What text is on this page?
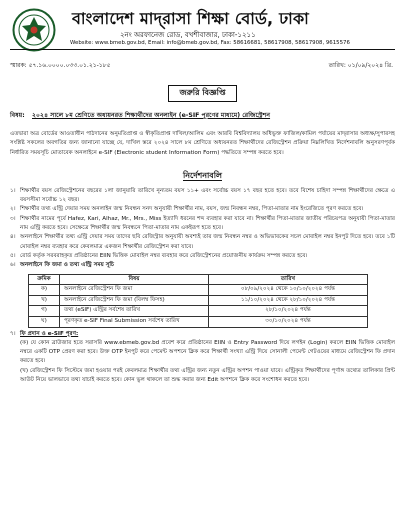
বাংলাদেশ মাদ্‌রাসা শিক্ষা বোর্ড, ঢাকা
২নং অরফানেজ রোড, বখশীবাজার, ঢাকা-১২১১
Website: www.bmeb.gov.bd, Email: info@bmeb.gov.bd, Fax: 58616681, 58617908, 58617908, 9615576
স্মারক: ৫৭.১৬.০০০০.০৩৩.০১.২১-১৮৫	তারিখ: ০১/০৯/২০২৪ খ্রি.
জরুরি বিজ্ঞপ্তি
বিষয়:	২০২৪ সালে ৮ম শ্রেণিতে অধ্যয়নরত শিক্ষার্থীদের অনলাইন (e-SIF পূরণের মাধ্যমে) রেজিস্ট্রেশন
এতদ্বারা অত্র বোর্ডের আওতাধীন পাঠদানের অনুমতিপ্রাপ্ত ও স্বীকৃতিপ্রাপ্ত দাখিল/আলিম এবং আরবি বিশ্ববিদ্যালয় অধিভুক্ত ফাজিল/কামিল পর্যায়ের মাদ্‌রাসার অধ্যক্ষ/সুপারসহ সংশ্লিষ্ট সকলের অবগতির জন্য জানানো যাচ্ছে যে, দাখিল স্তরে ২০২৪ সালে ৮ম শ্রেণিতে অধ্যয়নরত শিক্ষার্থীদের রেজিস্ট্রেশন প্রক্রিয়া নিম্নলিখিত নির্দেশনাবলি অনুসরণপূর্বক নির্ধারিত সময়সূচি মোতাবেক অনলাইনে e-SIF (Electronic student Information Form) পদ্ধতিতে সম্পন্ন করতে হবে।
নির্দেশনাবলি
১। শিক্ষার্থীর বয়স রেজিস্ট্রেশনের বছরের ১লা জানুয়ারি তারিখে নূন্যতম বয়স ১১+ এবং সর্বোচ্চ বয়স ১৭ বছর হতে হবে। তবে বিশেষ চাহিদা সম্পন্ন শিক্ষার্থীদের ক্ষেত্রে এ বয়সসীমা সর্বোচ্চ ১২ বছর।
২। শিক্ষার্থীর তথ্য এন্ট্রি দেয়ার সময় অনলাইন জন্ম নিবন্ধন সনদ অনুযায়ী শিক্ষার্থীর নাম, বয়স, জন্ম নিবন্ধন নম্বর, পিতা-মাতার নাম ইংরেজিতে পূরণ করতে হবে।
৩। শিক্ষার্থীর নামের পূর্বে Hafez, Kari, Alhaz, Mr., Mrs., Miss ইত্যাদি ধরনের শব্দ ব্যবহার করা যাবে না। শিক্ষার্থীর পিতা-মাতার জাতীয় পরিচয়পত্র অনুযায়ী পিতা-মাতার নাম এন্ট্রি করতে হবে। সেক্ষেত্রে শিক্ষার্থীর জন্ম নিবন্ধনে পিতা-মাতার নাম একইরূপ হতে হবে।
৪। অনলাইনে শিক্ষার্থীর তথ্য এন্ট্রি দেয়ার সময় তাদের ছবি রেজিস্ট্রার অনুযায়ী অবশ্যই তার জন্ম নিবন্ধন নম্বর ও অভিভাবকের সচল মোবাইল নম্বর ইনপুট দিতে হবে। তবে ১টি মোবাইল নম্বর ব্যবহার করে কেবলমাত্র একজন শিক্ষার্থীর রেজিস্ট্রেশন করা যাবে।
৫। রোর্ড কর্তৃক সরবরাহকৃত প্রতিষ্ঠানের EIIN ভিত্তিক মোবাইল নম্বর ব্যবহার করে রেজিস্ট্রেশনের প্রয়োজনীয় কার্যক্রম সম্পন্ন করতে হবে।
৬। অনলাইনে ফি জমা ও তথ্য এন্ট্রি সময় সূচি
ক্রমিক	বিষয়	তারিখ
ক)	অনলাইনে রেজিস্ট্রেশন ফি জমা	০৮/০৯/২০২৪ থেকে ১০/১০/২০২৪ পর্যন্ত
খ)	অনলাইনে রেজিস্ট্রেশন ফি জমা (বিলম্ব ফিসহ)	১১/১০/২০২৪ থেকে ২৮/১০/২০২৪ পর্যন্ত
গ)	তথ্য (eSIF) এন্ট্রির সর্বশেষ তারিখ	২৮/১০/২০২৪ পর্যন্ত
ঘ)	পূরণকৃত e-SIF Final Submission সর্বশেষ তারিখ	৩০/১০/২০২৪ পর্যন্ত
৭। ফি প্রদান ও e-SIF পূরণ:
(ক) যে কোন ব্রাউজার হতে সরাসরি www.ebmeb.gov.bd প্রবেশ করে প্রতিষ্ঠানের EIIN ও Entry Password দিয়ে লগইন (Login) করলে EIIN ভিত্তিক মোবাইল নম্বরে একটি OTP প্রেরণ করা হবে। উক্ত OTP ইনপুট করে পেমেন্ট অপশনে ক্লিক করে শিক্ষার্থী সংখ্যা এন্ট্রি দিয়ে সোনালী পেমেন্ট গেটওয়ের মাধ্যমে রেজিস্ট্রেশন ফি প্রদান করতে হবে।
(খ) রেজিস্ট্রেশন ফি সিস্টেমে জমা হওয়ার পরই কেবলমাত্র শিক্ষার্থীর তথ্য এন্ট্রির জন্য নতুন এন্ট্রির অপশন পাওয়া যাবে। এন্ট্রিকৃত শিক্ষার্থীদের পূর্ণাঙ্গ তথ্যের তালিকার প্রিন্ট আউট নিয়ে ভালভাবে তথ্য যাচাই করতে হবে। কোন ভুল থাকলে তা শুদ্ধ করার জন্য Edit অপশনে ক্লিক করে সংশোধন করতে হবে।
